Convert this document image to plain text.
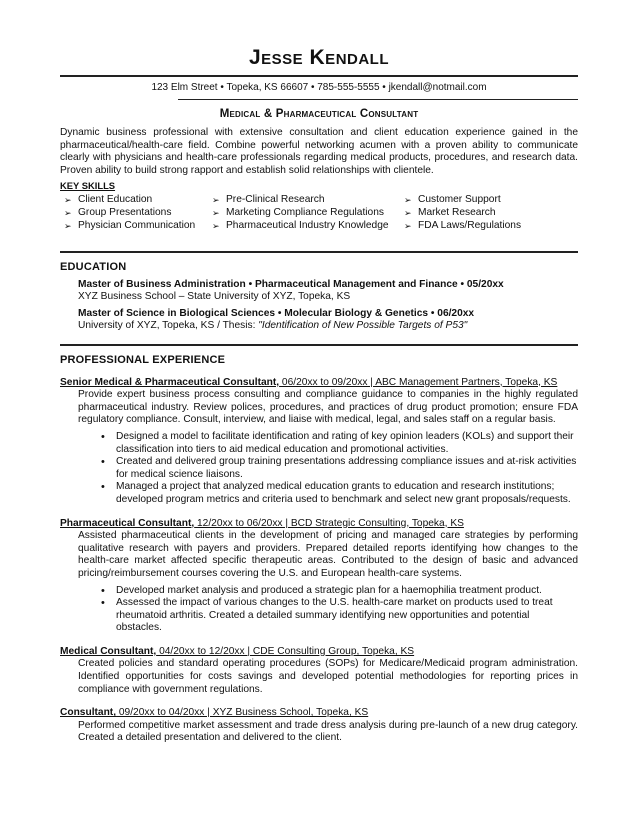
Jesse Kendall
123 Elm Street • Topeka, KS 66607 • 785-555-5555 • jkendall@notmail.com
Medical & Pharmaceutical Consultant
Dynamic business professional with extensive consultation and client education experience gained in the pharmaceutical/health-care field. Combine powerful networking acumen with a proven ability to communicate clearly with physicians and health-care professionals regarding medical products, procedures, and research data. Proven ability to build strong rapport and establish solid relationships with clientele.
KEY SKILLS
➢ Client Education
➢ Group Presentations
➢ Physician Communication
➢ Pre-Clinical Research
➢ Marketing Compliance Regulations
➢ Pharmaceutical Industry Knowledge
➢ Customer Support
➢ Market Research
➢ FDA Laws/Regulations
EDUCATION
Master of Business Administration • Pharmaceutical Management and Finance • 05/20xx
XYZ Business School – State University of XYZ, Topeka, KS
Master of Science in Biological Sciences • Molecular Biology & Genetics • 06/20xx
University of XYZ, Topeka, KS / Thesis: "Identification of New Possible Targets of P53"
PROFESSIONAL EXPERIENCE
Senior Medical & Pharmaceutical Consultant, 06/20xx to 09/20xx | ABC Management Partners, Topeka, KS
Provide expert business process consulting and compliance guidance to companies in the highly regulated pharmaceutical industry. Review polices, procedures, and practices of drug product promotion; ensure FDA regulatory compliance. Consult, interview, and liaise with medical, legal, and sales staff on a regular basis.
• Designed a model to facilitate identification and rating of key opinion leaders (KOLs) and support their classification into tiers to aid medical education and promotional activities.
• Created and delivered group training presentations addressing compliance issues and at-risk activities for medical science liaisons.
• Managed a project that analyzed medical education grants to education and research institutions; developed program metrics and criteria used to benchmark and select new grant proposals/requests.
Pharmaceutical Consultant, 12/20xx to 06/20xx | BCD Strategic Consulting, Topeka, KS
Assisted pharmaceutical clients in the development of pricing and managed care strategies by performing qualitative research with payers and providers. Prepared detailed reports identifying how changes to the health-care market affected specific therapeutic areas. Contributed to the design of basic and advanced pricing/reimbursement courses covering the U.S. and European health-care systems.
• Developed market analysis and produced a strategic plan for a haemophilia treatment product.
• Assessed the impact of various changes to the U.S. health-care market on products used to treat rheumatoid arthritis. Created a detailed summary identifying new opportunities and potential obstacles.
Medical Consultant, 04/20xx to 12/20xx | CDE Consulting Group, Topeka, KS
Created policies and standard operating procedures (SOPs) for Medicare/Medicaid program administration. Identified opportunities for costs savings and developed potential methodologies for reporting prices in compliance with government regulations.
Consultant, 09/20xx to 04/20xx | XYZ Business School, Topeka, KS
Performed competitive market assessment and trade dress analysis during pre-launch of a new drug category. Created a detailed presentation and delivered to the client.
